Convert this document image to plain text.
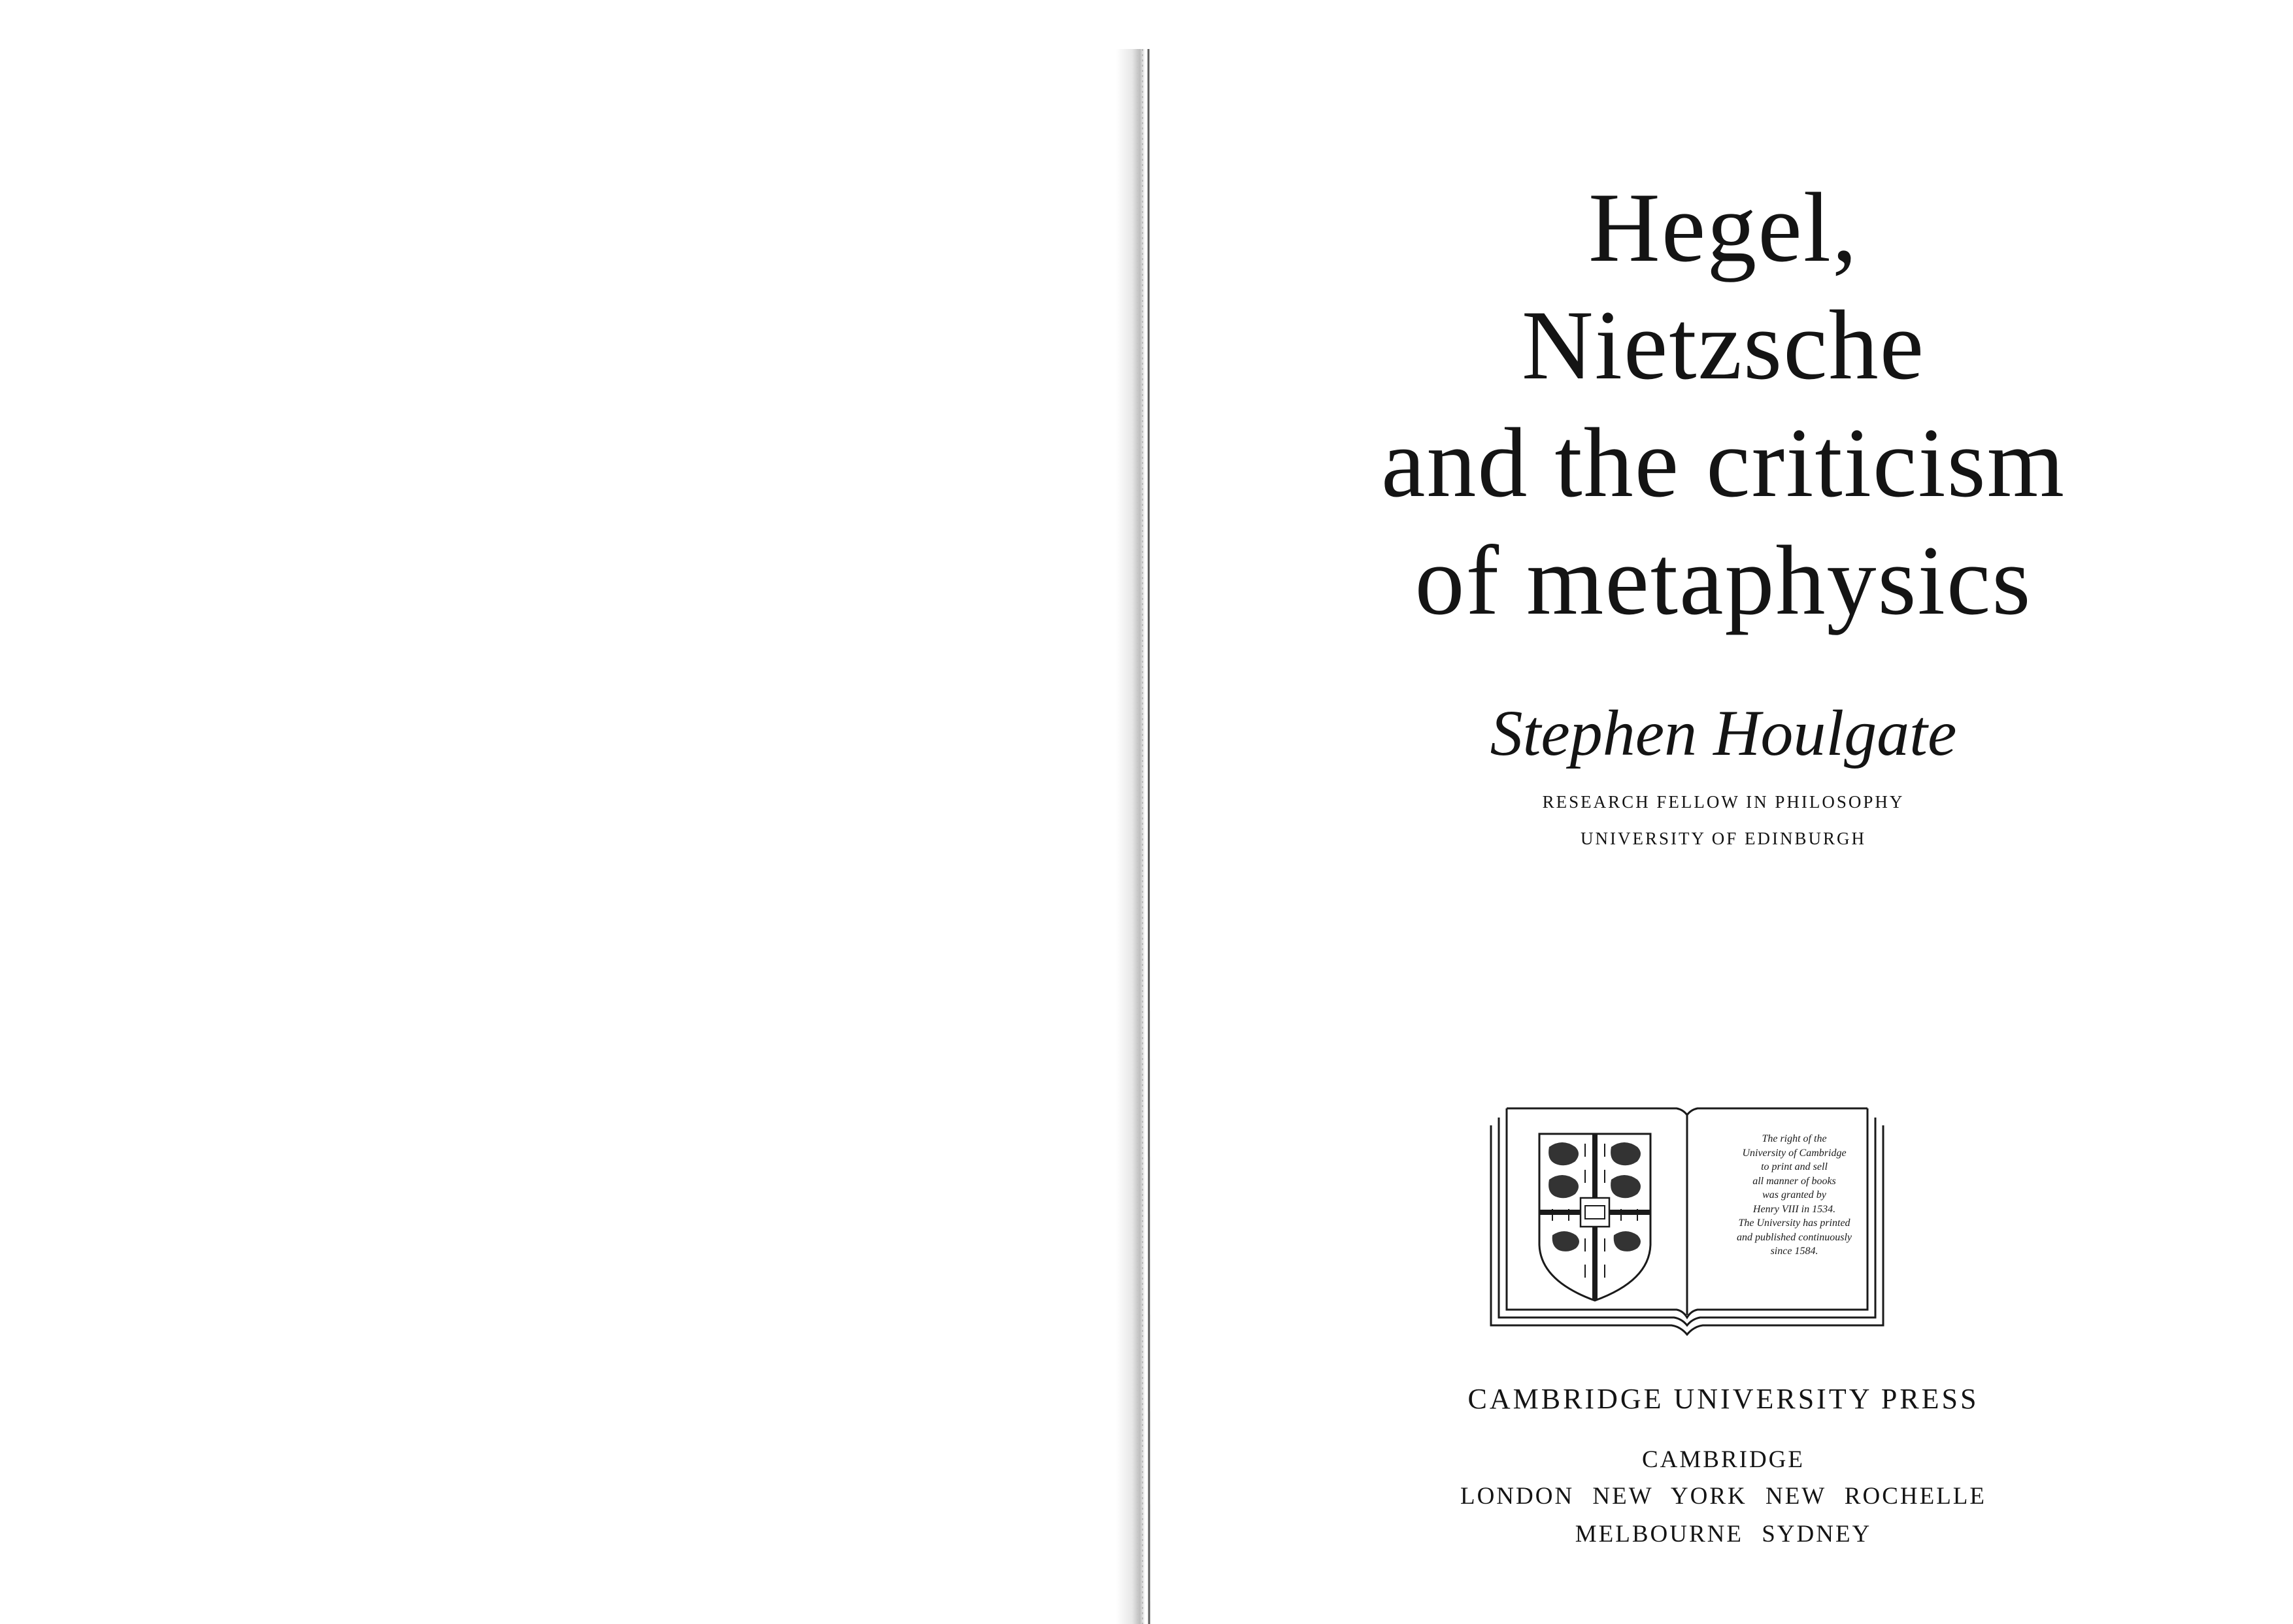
Hegel,
Nietzsche
and the criticism
of metaphysics
Stephen Houlgate
RESEARCH FELLOW IN PHILOSOPHY
UNIVERSITY OF EDINBURGH
The right of the
University of Cambridge
to print and sell
all manner of books
was granted by
Henry VIII in 1534.
The University has printed
and published continuously
since 1584.
CAMBRIDGE UNIVERSITY PRESS
CAMBRIDGE
LONDON NEW YORK NEW ROCHELLE
MELBOURNE SYDNEY
